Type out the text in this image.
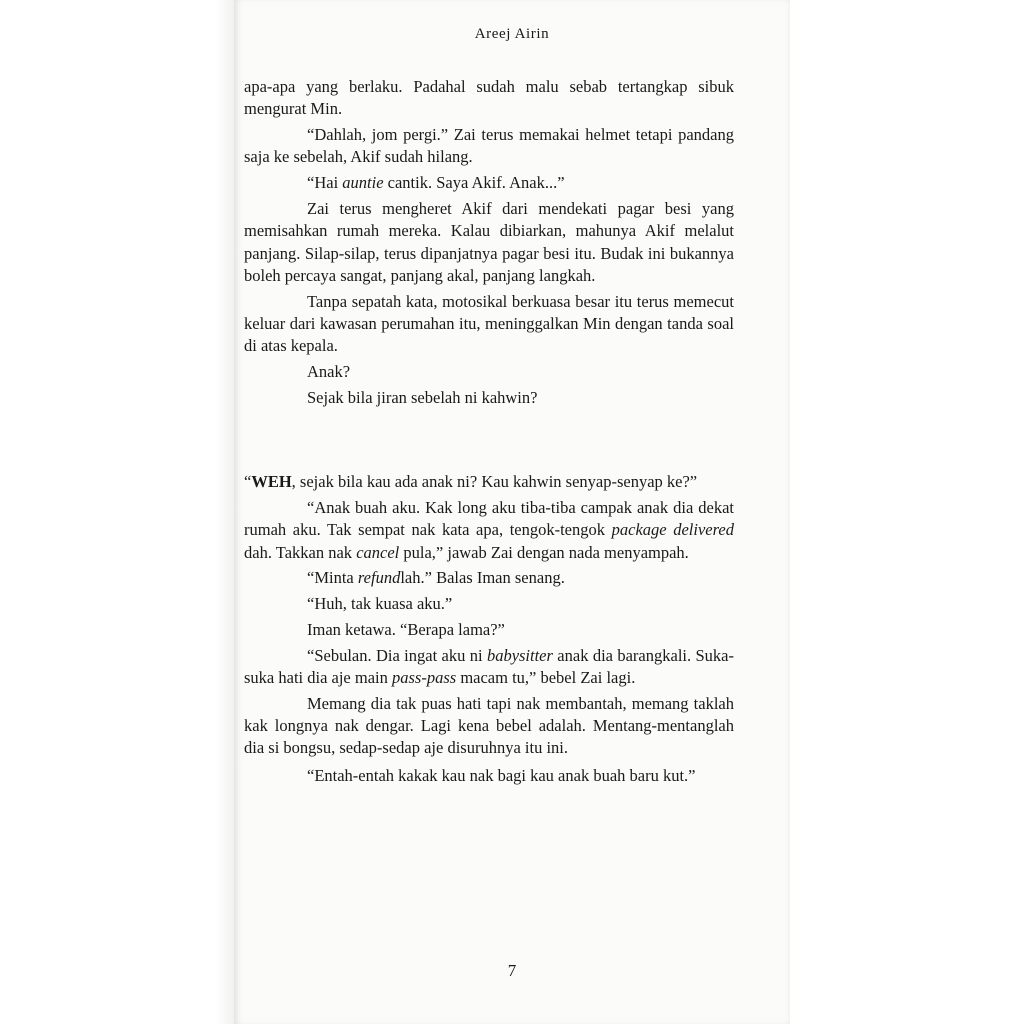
Areej Airin

apa-apa yang berlaku. Padahal sudah malu sebab tertangkap sibuk mengurat Min.

“Dahlah, jom pergi.” Zai terus memakai helmet tetapi pandang saja ke sebelah, Akif sudah hilang.

“Hai auntie cantik. Saya Akif. Anak...”

Zai terus mengheret Akif dari mendekati pagar besi yang memisahkan rumah mereka. Kalau dibiarkan, mahunya Akif melalut panjang. Silap-silap, terus dipanjatnya pagar besi itu. Budak ini bukannya boleh percaya sangat, panjang akal, panjang langkah.

Tanpa sepatah kata, motosikal berkuasa besar itu terus memecut keluar dari kawasan perumahan itu, meninggalkan Min dengan tanda soal di atas kepala.

Anak?

Sejak bila jiran sebelah ni kahwin?

“WEH, sejak bila kau ada anak ni? Kau kahwin senyap-senyap ke?”

“Anak buah aku. Kak long aku tiba-tiba campak anak dia dekat rumah aku. Tak sempat nak kata apa, tengok-tengok package delivered dah. Takkan nak cancel pula,” jawab Zai dengan nada menyampah.

“Minta refundlah.” Balas Iman senang.

“Huh, tak kuasa aku.”

Iman ketawa. “Berapa lama?”

“Sebulan. Dia ingat aku ni babysitter anak dia barangkali. Suka-suka hati dia aje main pass-pass macam tu,” bebel Zai lagi.

Memang dia tak puas hati tapi nak membantah, memang taklah kak longnya nak dengar. Lagi kena bebel adalah. Mentang-mentanglah dia si bongsu, sedap-sedap aje disuruhnya itu ini.

“Entah-entah kakak kau nak bagi kau anak buah baru kut.”

7
